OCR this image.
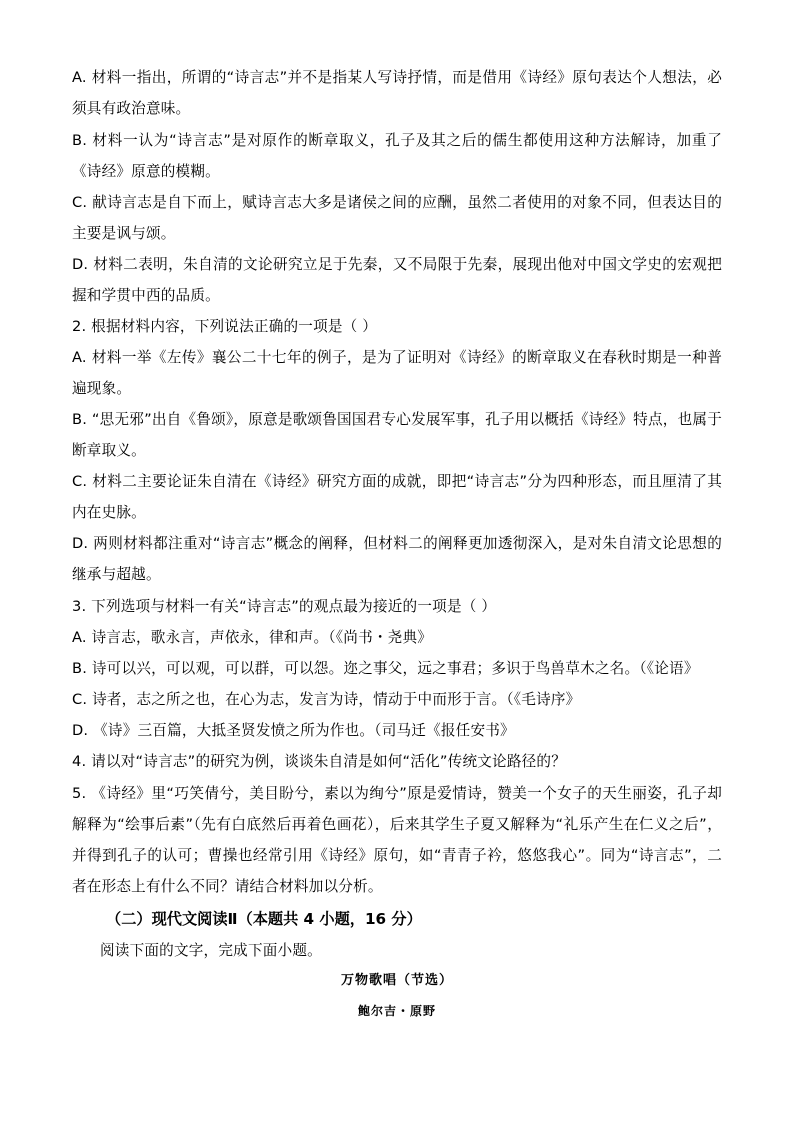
A. 材料一指出，所谓的“诗言志”并不是指某人写诗抒情，而是借用《诗经》原句表达个人想法，必须具有政治意味。

B. 材料一认为“诗言志”是对原作的断章取义，孔子及其之后的儒生都使用这种方法解诗，加重了《诗经》原意的模糊。

C. 献诗言志是自下而上，赋诗言志大多是诸侯之间的应酬，虽然二者使用的对象不同，但表达目的主要是讽与颂。

D. 材料二表明，朱自清的文论研究立足于先秦，又不局限于先秦，展现出他对中国文学史的宏观把握和学贯中西的品质。

2. 根据材料内容，下列说法正确的一项是（ ）

A. 材料一举《左传》襄公二十七年的例子，是为了证明对《诗经》的断章取义在春秋时期是一种普遍现象。

B. “思无邪”出自《鲁颂》，原意是歌颂鲁国国君专心发展军事，孔子用以概括《诗经》特点，也属于断章取义。

C. 材料二主要论证朱自清在《诗经》研究方面的成就，即把“诗言志”分为四种形态，而且厘清了其内在史脉。

D. 两则材料都注重对“诗言志”概念的阐释，但材料二的阐释更加透彻深入，是对朱自清文论思想的继承与超越。

3. 下列选项与材料一有关“诗言志”的观点最为接近的一项是（ ）

A. 诗言志，歌永言，声依永，律和声。（《尚书・尧典》

B. 诗可以兴，可以观，可以群，可以怨。迩之事父，远之事君；多识于鸟兽草木之名。（《论语》

C. 诗者，志之所之也，在心为志，发言为诗，情动于中而形于言。（《毛诗序》

D. 《诗》三百篇，大抵圣贤发愤之所为作也。（司马迁《报任安书》

4. 请以对“诗言志”的研究为例，谈谈朱自清是如何“活化”传统文论路径的？

5. 《诗经》里“巧笑倩兮，美目盼兮，素以为绚兮”原是爱情诗，赞美一个女子的天生丽姿，孔子却解释为“绘事后素”（先有白底然后再着色画花），后来其学生子夏又解释为“礼乐产生在仁义之后”，并得到孔子的认可；曹操也经常引用《诗经》原句，如“青青子衿，悠悠我心”。同为“诗言志”，二者在形态上有什么不同？请结合材料加以分析。

（二）现代文阅读Ⅱ（本题共 4 小题，16 分）

阅读下面的文字，完成下面小题。

万物歌唱（节选）

鲍尔吉・原野
